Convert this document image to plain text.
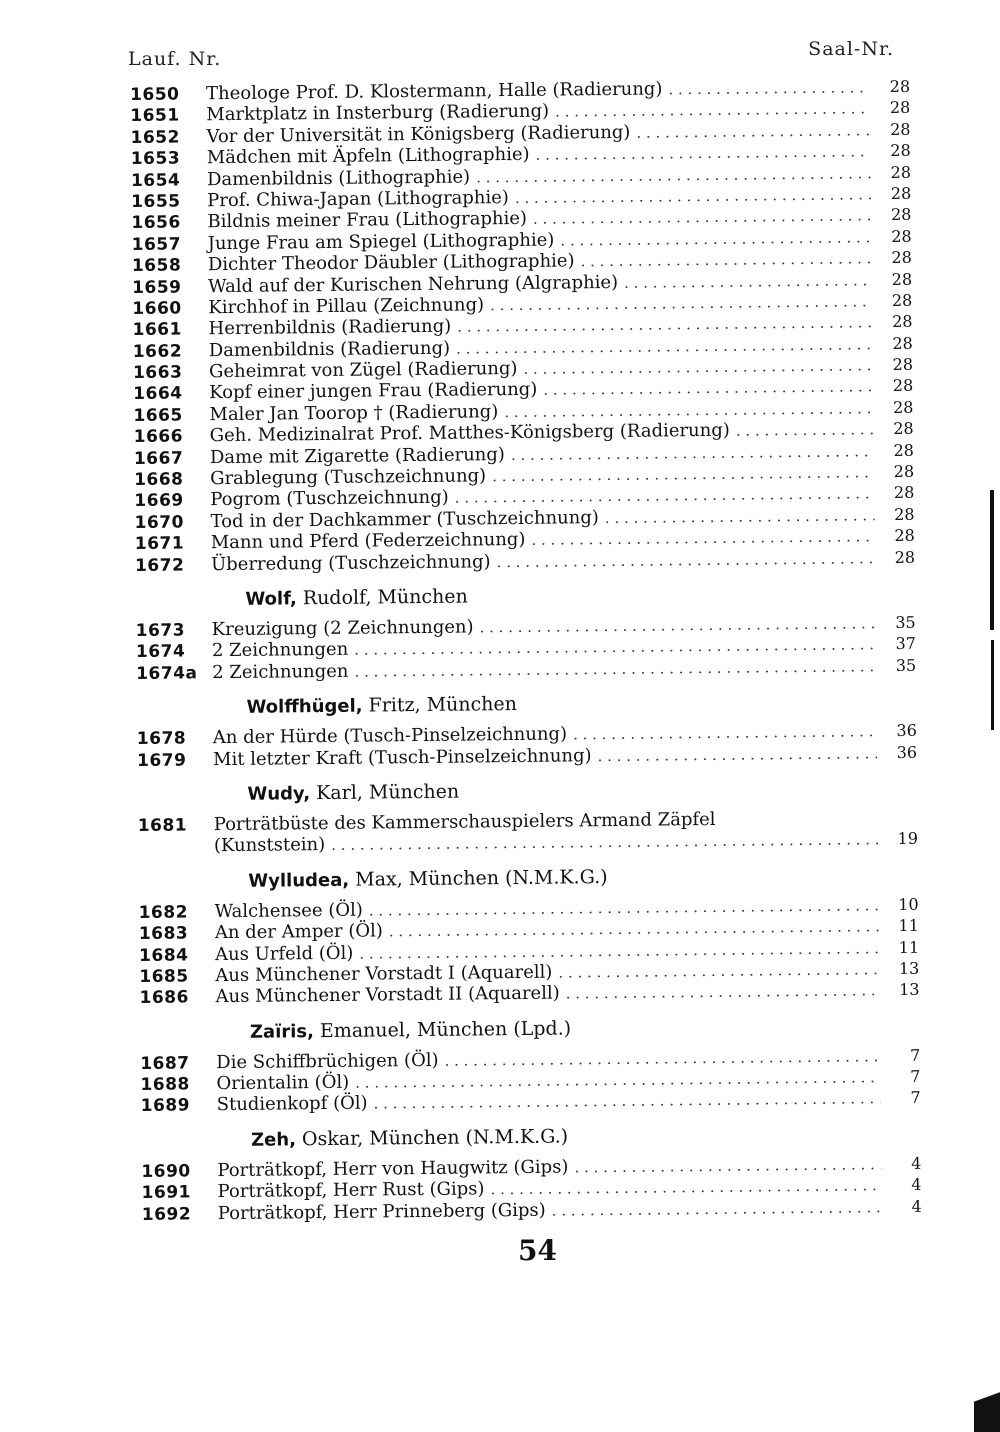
Lauf. Nr.	Saal-Nr.
1650	Theologe Prof. D. Klostermann, Halle (Radierung) . . .	28
1651	Marktplatz in Insterburg (Radierung) . . .	28
1652	Vor der Universität in Königsberg (Radierung) . . .	28
1653	Mädchen mit Äpfeln (Lithographie) . . .	28
1654	Damenbildnis (Lithographie) . . .	28
1655	Prof. Chiwa-Japan (Lithographie) . . .	28
1656	Bildnis meiner Frau (Lithographie) . . .	28
1657	Junge Frau am Spiegel (Lithographie) . . .	28
1658	Dichter Theodor Däubler (Lithographie) . . .	28
1659	Wald auf der Kurischen Nehrung (Algraphie) . . .	28
1660	Kirchhof in Pillau (Zeichnung) . . .	28
1661	Herrenbildnis (Radierung) . . .	28
1662	Damenbildnis (Radierung) . . .	28
1663	Geheimrat von Zügel (Radierung) . . .	28
1664	Kopf einer jungen Frau (Radierung) . . .	28
1665	Maler Jan Toorop † (Radierung) . . .	28
1666	Geh. Medizinalrat Prof. Matthes-Königsberg (Radierung) . . .	28
1667	Dame mit Zigarette (Radierung) . . .	28
1668	Grablegung (Tuschzeichnung) . . .	28
1669	Pogrom (Tuschzeichnung) . . .	28
1670	Tod in der Dachkammer (Tuschzeichnung) . . .	28
1671	Mann und Pferd (Federzeichnung) . . .	28
1672	Überredung (Tuschzeichnung) . . .	28
Wolf, Rudolf, München
1673	Kreuzigung (2 Zeichnungen) . . .	35
1674	2 Zeichnungen . . .	37
1674a 2 Zeichnungen . . .	35
Wolffhügel, Fritz, München
1678	An der Hürde (Tusch-Pinselzeichnung) . . .	36
1679	Mit letzter Kraft (Tusch-Pinselzeichnung) . . .	36
Wudy, Karl, München
1681	Porträtbüste des Kammerschauspielers Armand Zäpfel
(Kunststein) . . .	19
Wylludea, Max, München (N.M.K.G.)
1682	Walchensee (Öl) . . .	10
1683	An der Amper (Öl) . . .	11
1684	Aus Urfeld (Öl) . . .	11
1685	Aus Münchener Vorstadt I (Aquarell) . . .	13
1686	Aus Münchener Vorstadt II (Aquarell) . . .	13
Zaïris, Emanuel, München (Lpd.)
1687	Die Schiffbrüchigen (Öl) . . .	7
1688	Orientalin (Öl) . . .	7
1689	Studienkopf (Öl) . . .	7
Zeh, Oskar, München (N.M.K.G.)
1690	Porträtkopf, Herr von Haugwitz (Gips) . . .	4
1691	Porträtkopf, Herr Rust (Gips) . . .	4
1692	Porträtkopf, Herr Prinneberg (Gips) . . .	4
54
